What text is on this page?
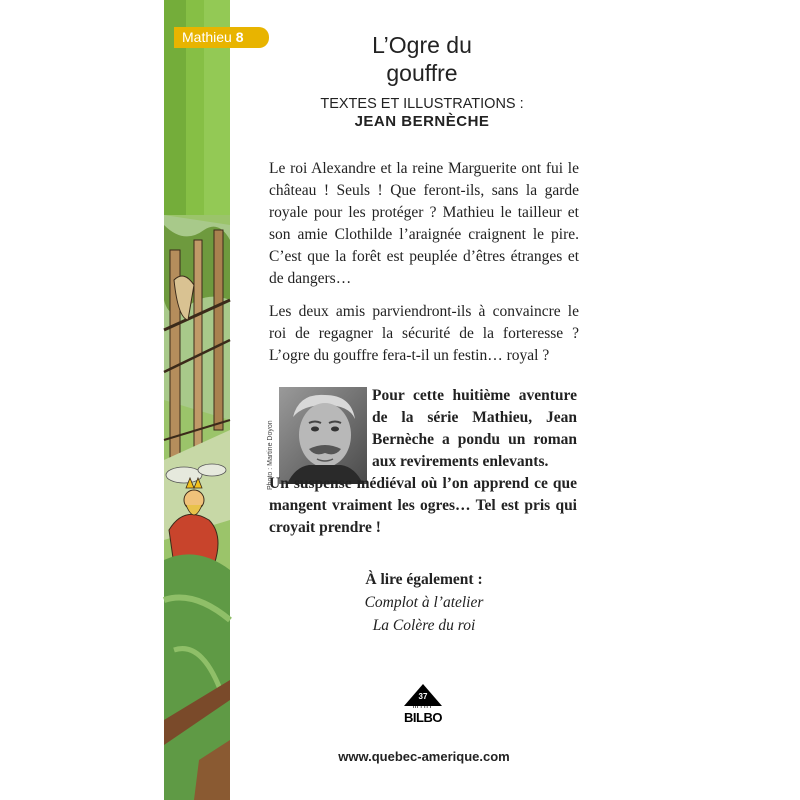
Mathieu 8	L’Ogre du
gouffre
TEXTES ET ILLUSTRATIONS :
JEAN BERNÈCHE
Le roi Alexandre et la reine Marguerite ont fui le château ! Seuls ! Que feront-ils, sans la garde royale pour les protéger ? Mathieu le tailleur et son amie Clothilde l’araignée craignent le pire. C’est que la forêt est peuplée d’êtres étranges et de dangers…
Les deux amis parviendront-ils à convaincre le roi de regagner la sécurité de la forteresse ? L’ogre du gouffre fera-t-il un festin… royal ?
Photo : Martine Doyon
Pour cette huitième aventure de la série Mathieu, Jean Bernèche a pondu un roman aux revirements enlevants.
Un suspense médiéval où l’on apprend ce que mangent vraiment les ogres… Tel est pris qui croyait prendre !
À lire également :
Complot à l’atelier
La Colère du roi
37
mini
BILBO
www.quebec-amerique.com
